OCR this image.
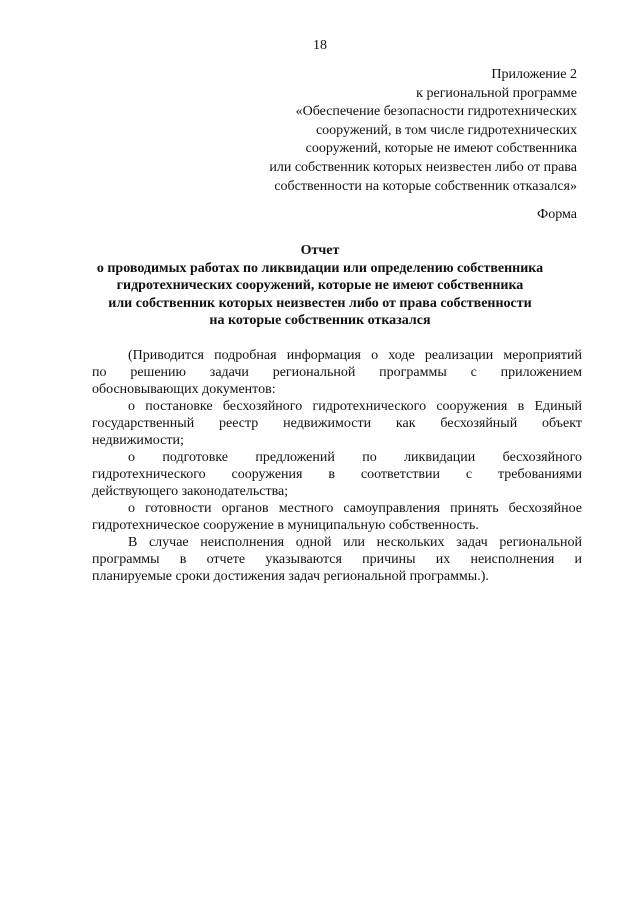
18
Приложение 2
к региональной программе
«Обеспечение безопасности гидротехнических
сооружений, в том числе гидротехнических
сооружений, которые не имеют собственника
или собственник которых неизвестен либо от права
собственности на которые собственник отказался»
Форма
Отчет
о проводимых работах по ликвидации или определению собственника
гидротехнических сооружений, которые не имеют собственника
или собственник которых неизвестен либо от права собственности
на которые собственник отказался
(Приводится подробная информация о ходе реализации мероприятий
по решению задачи региональной программы с приложением
обосновывающих документов:
о постановке бесхозяйного гидротехнического сооружения в Единый
государственный реестр недвижимости как бесхозяйный объект
недвижимости;
о подготовке предложений по ликвидации бесхозяйного
гидротехнического сооружения в соответствии с требованиями
действующего законодательства;
о готовности органов местного самоуправления принять бесхозяйное
гидротехническое сооружение в муниципальную собственность.
В случае неисполнения одной или нескольких задач региональной
программы в отчете указываются причины их неисполнения и
планируемые сроки достижения задач региональной программы.).
